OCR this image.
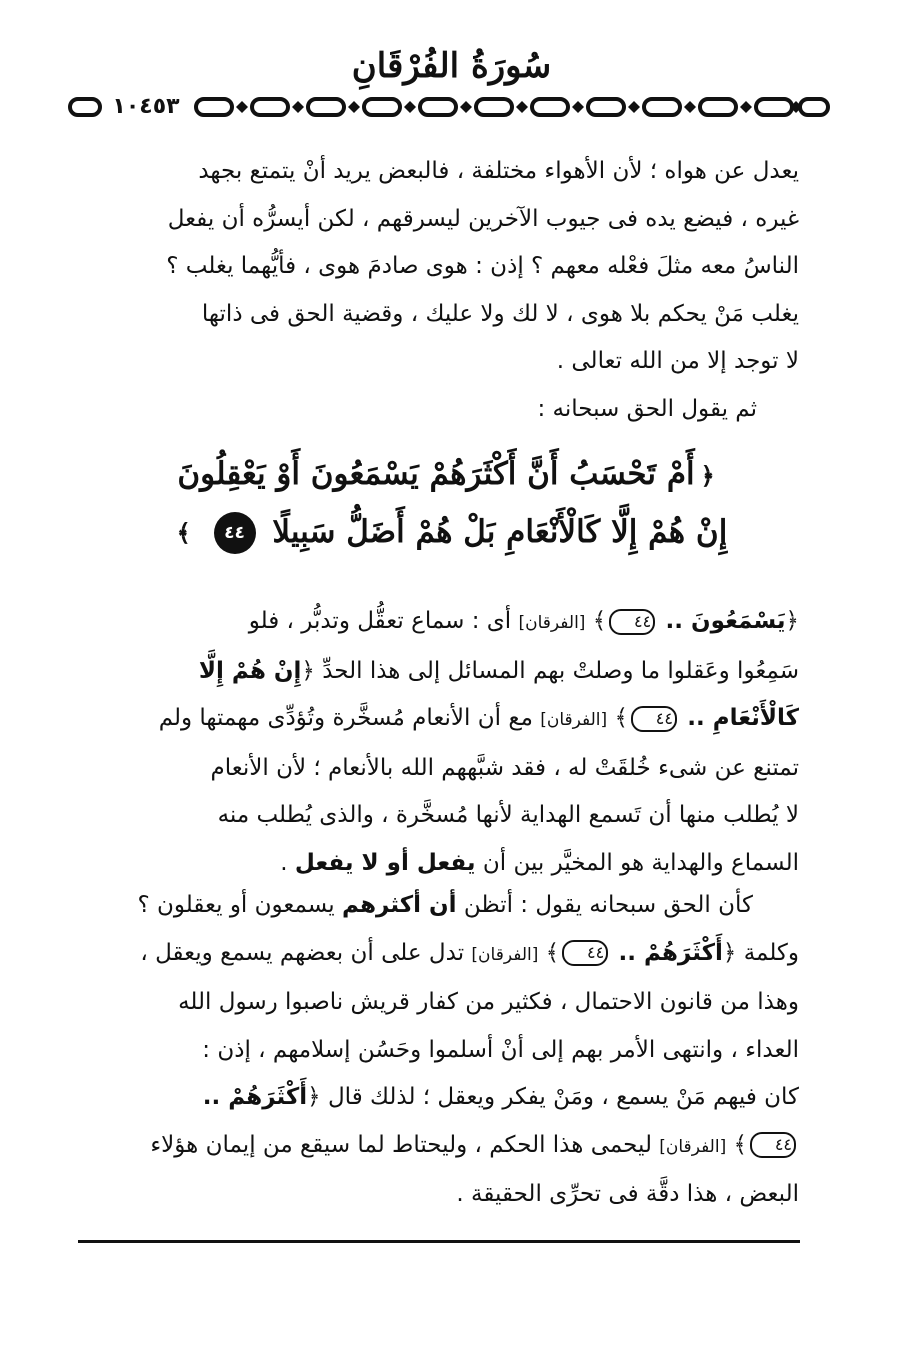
سُورَةُ الفُرْقَانِ
١٠٤٥٣

يعدل عن هواه ؛ لأن الأهواء مختلفة ، فالبعض يريد أنْ يتمتع بجهد

غيره ، فيضع يده فى جيوب الآخرين ليسرقهم ، لكن أيسرُّه أن يفعل

الناسُ معه مثلَ فعْله معهم ؟ إذن : هوى صادمَ هوى ، فأيُّهما يغلب ؟

يغلب مَنْ يحكم بلا هوى ، لا لك ولا عليك ، وقضية الحق فى ذاتها

لا توجد إلا من الله تعالى .

ثم يقول الحق سبحانه :
﴿أَمْ تَحْسَبُ أَنَّ أَكْثَرَهُمْ يَسْمَعُونَ أَوْ يَعْقِلُونَ
إِنْ هُمْ إِلَّا كَالْأَنْعَامِ بَلْ هُمْ أَضَلُّ سَبِيلًا ٤٤ ﴾

﴿يَسْمَعُونَ .. ٤٤﴾ [الفرقان] أى : سماع تعقُّل وتدبُّر ، فلو

سَمِعُوا وعَقلوا ما وصلتْ بهم المسائل إلى هذا الحدِّ ﴿إِنْ هُمْ إِلَّا

كَالْأَنْعَامِ .. ٤٤﴾ [الفرقان] مع أن الأنعام مُسخَّرة وتُؤدِّى مهمتها ولم

تمتنع عن شىء خُلقَتْ له ، فقد شبَّههم الله بالأنعام ؛ لأن الأنعام

لا يُطلب منها أن تَسمع الهداية لأنها مُسخَّرة ، والذى يُطلب منه

السماع والهداية هو المخيَّر بين أن يفعل أو لا يفعل .

كأن الحق سبحانه يقول : أتظن أن أكثرهم يسمعون أو يعقلون ؟

وكلمة ﴿أَكْثَرَهُمْ .. ٤٤﴾ [الفرقان] تدل على أن بعضهم يسمع ويعقل ،

وهذا من قانون الاحتمال ، فكثير من كفار قريش ناصبوا رسول الله

العداء ، وانتهى الأمر بهم إلى أنْ أسلموا وحَسُن إسلامهم ، إذن :

كان فيهم مَنْ يسمع ، ومَنْ يفكر ويعقل ؛ لذلك قال ﴿أَكْثَرَهُمْ ..

٤٤﴾ [الفرقان] ليحمى هذا الحكم ، وليحتاط لما سيقع من إيمان هؤلاء

البعض ، هذا دقَّة فى تحرِّى الحقيقة .
